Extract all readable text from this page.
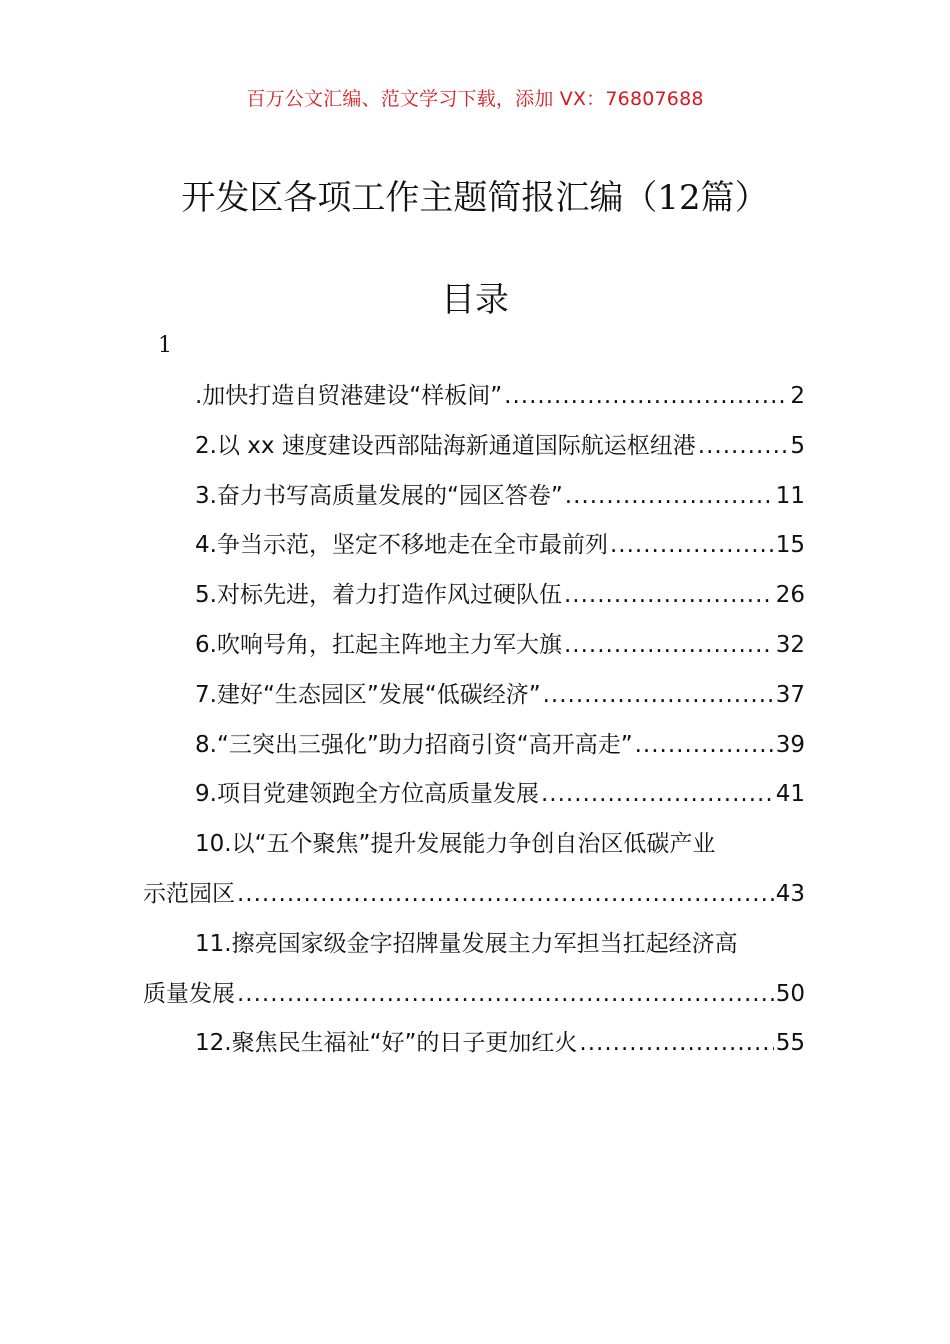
百万公文汇编、范文学习下载，添加 VX：76807688
开发区各项工作主题简报汇编（12篇）
目录
1
.加快打造自贸港建设“样板间” .....	2
2.以 xx 速度建设西部陆海新通道国际航运枢纽港 .....	5
3.奋力书写高质量发展的“园区答卷” .....	11
4.争当示范，坚定不移地走在全市最前列 .....	15
5.对标先进，着力打造作风过硬队伍 .....	26
6.吹响号角，扛起主阵地主力军大旗 .....	32
7.建好“生态园区”发展“低碳经济” .....	37
8.“三突出三强化”助力招商引资“高开高走” .....	39
9.项目党建领跑全方位高质量发展 .....	41
10.以“五个聚焦”提升发展能力争创自治区低碳产业
示范园区 .....	43
11.擦亮国家级金字招牌量发展主力军担当扛起经济高
质量发展 .....	50
12.聚焦民生福祉“好”的日子更加红火 .....	55
